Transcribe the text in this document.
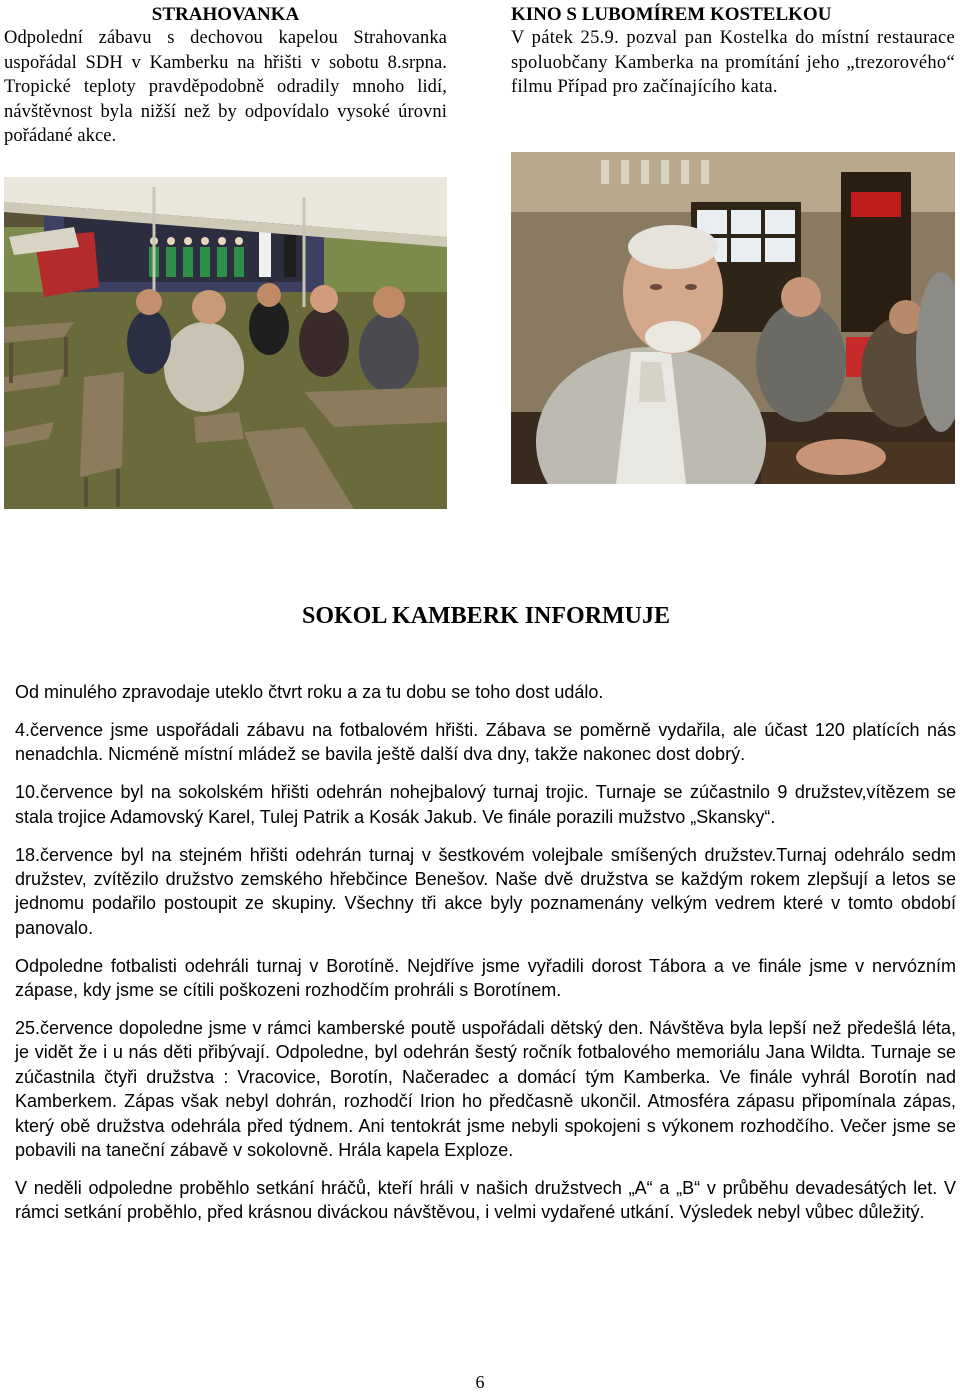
STRAHOVANKA

Odpolední zábavu s dechovou kapelou Strahovanka uspořádal SDH v Kamberku na hřišti v sobotu 8.srpna. Tropické teploty pravděpodobně odradily mnoho lidí, návštěvnost byla nižší než by odpovídalo vysoké úrovni pořádané akce.

KINO S LUBOMÍREM KOSTELKOU

V pátek 25.9. pozval pan Kostelka do místní restaurace spoluobčany Kamberka na promítání jeho „trezorového“ filmu Případ pro začínajícího kata.

SOKOL KAMBERK INFORMUJE

Od minulého zpravodaje uteklo čtvrt roku a za tu dobu se toho dost událo.

4.července jsme uspořádali zábavu na fotbalovém hřišti. Zábava se poměrně vydařila, ale účast 120 platících nás nenadchla. Nicméně místní mládež se bavila ještě další dva dny, takže nakonec dost dobrý.

10.července byl na sokolském hřišti odehrán nohejbalový turnaj trojic. Turnaje se zúčastnilo 9 družstev,vítězem se stala trojice Adamovský Karel, Tulej Patrik a Kosák Jakub. Ve finále porazili mužstvo „Skansky“.

18.července byl na stejném hřišti odehrán turnaj v šestkovém volejbale smíšených družstev.Turnaj odehrálo sedm družstev, zvítězilo družstvo zemského hřebčince Benešov. Naše dvě družstva se každým rokem zlepšují a letos se jednomu podařilo postoupit ze skupiny. Všechny tři akce byly poznamenány velkým vedrem které v tomto období panovalo.

Odpoledne fotbalisti odehráli turnaj v Borotíně. Nejdříve jsme vyřadili dorost Tábora a ve finále jsme v nervózním zápase, kdy jsme se cítili poškozeni rozhodčím prohráli s Borotínem.

25.července dopoledne jsme v rámci kamberské poutě uspořádali dětský den. Návštěva byla lepší než předešlá léta, je vidět že i u nás děti přibývají. Odpoledne, byl odehrán šestý ročník fotbalového memoriálu Jana Wildta. Turnaje se zúčastnila čtyři družstva : Vracovice, Borotín, Načeradec a domácí tým Kamberka. Ve finále vyhrál Borotín nad Kamberkem. Zápas však nebyl dohrán, rozhodčí Irion ho předčasně ukončil. Atmosféra zápasu připomínala zápas, který obě družstva odehrála před týdnem. Ani tentokrát jsme nebyli spokojeni s výkonem rozhodčího. Večer jsme se pobavili na taneční zábavě v sokolovně. Hrála kapela Exploze.

V neděli odpoledne proběhlo setkání hráčů, kteří hráli v našich družstvech „A“ a „B“ v průběhu devadesátých let. V rámci setkání proběhlo, před krásnou diváckou návštěvou, i velmi vydařené utkání. Výsledek nebyl vůbec důležitý.

6
